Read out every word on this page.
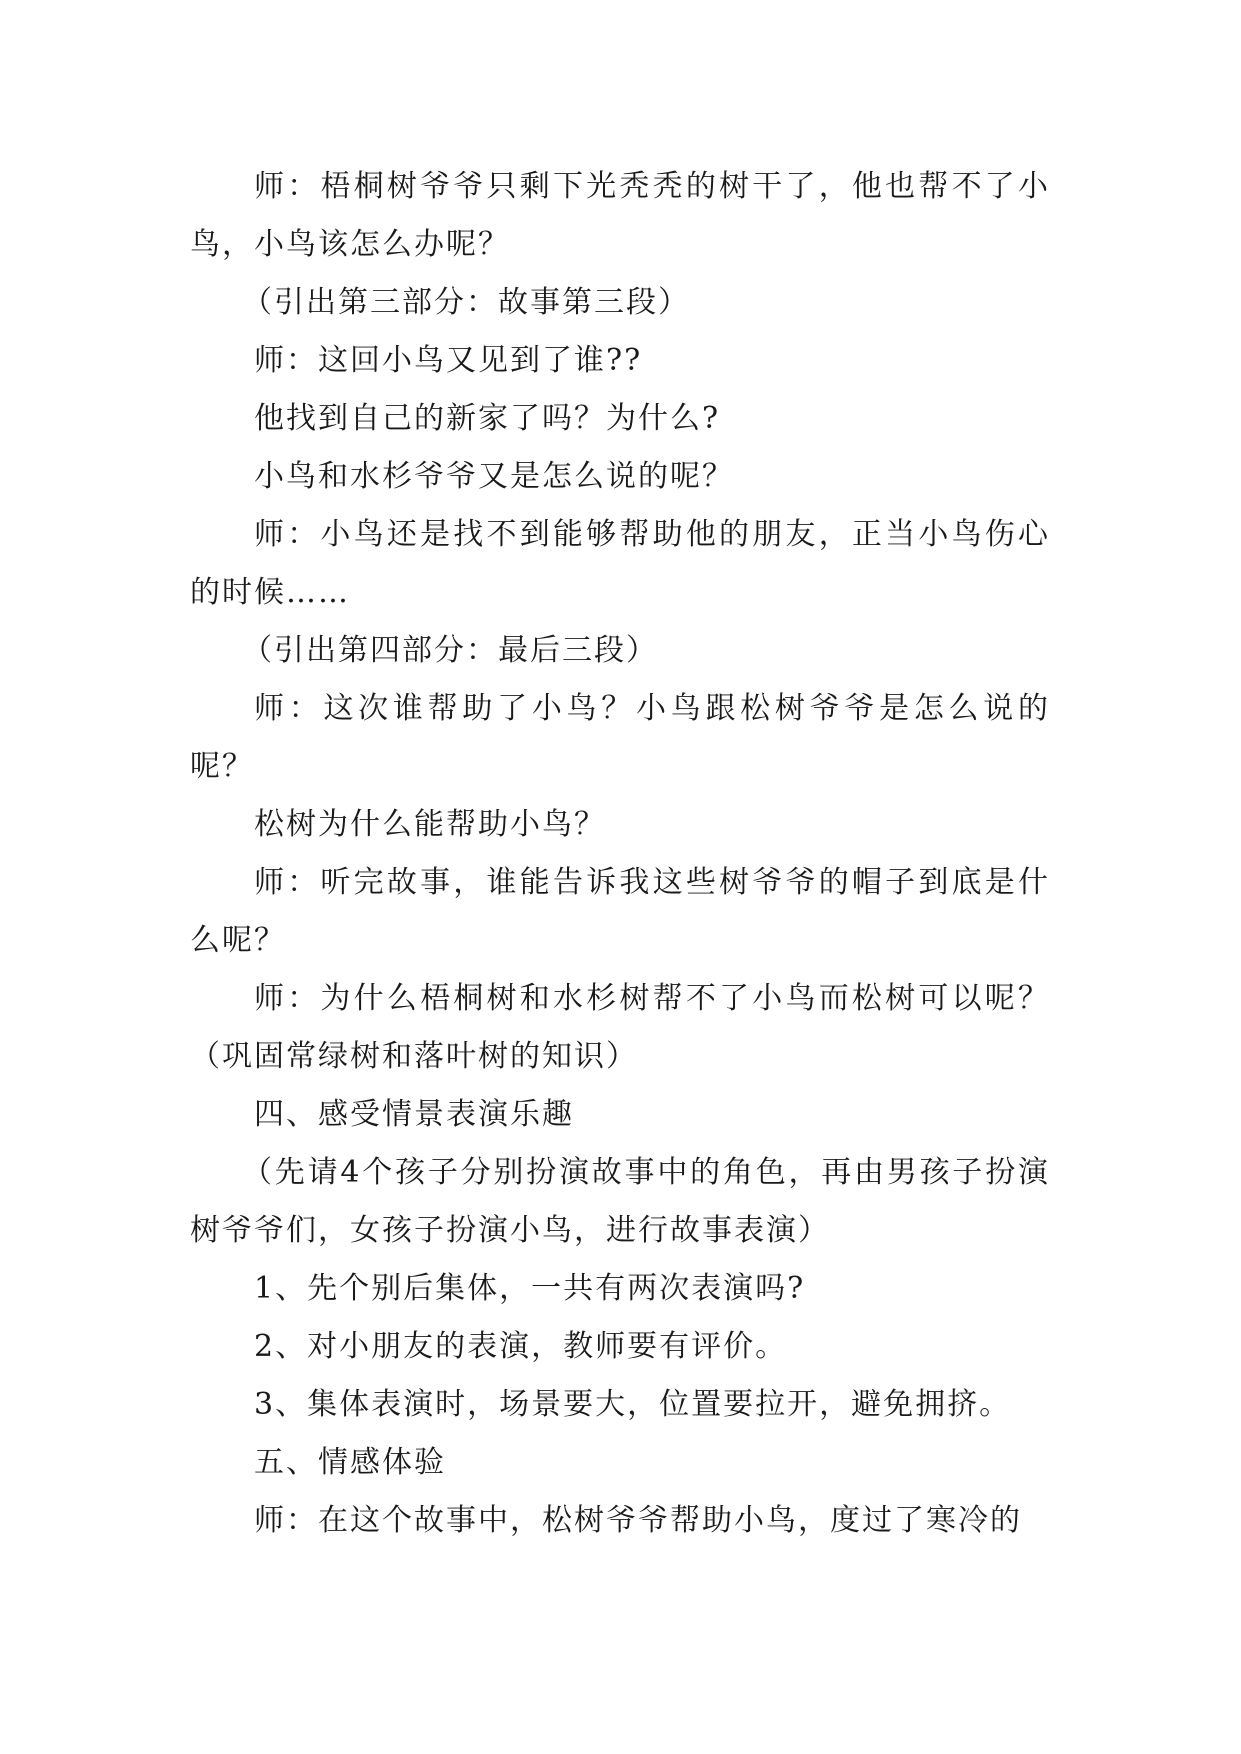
师：梧桐树爷爷只剩下光秃秃的树干了，他也帮不了小鸟，小鸟该怎么办呢？

（引出第三部分：故事第三段）

师：这回小鸟又见到了谁??

他找到自己的新家了吗？为什么?

小鸟和水杉爷爷又是怎么说的呢？

师：小鸟还是找不到能够帮助他的朋友，正当小鸟伤心的时候……

（引出第四部分：最后三段）

师：这次谁帮助了小鸟？小鸟跟松树爷爷是怎么说的呢？

松树为什么能帮助小鸟？

师：听完故事，谁能告诉我这些树爷爷的帽子到底是什么呢？

师：为什么梧桐树和水杉树帮不了小鸟而松树可以呢？（巩固常绿树和落叶树的知识）

四、感受情景表演乐趣

（先请4个孩子分别扮演故事中的角色，再由男孩子扮演树爷爷们，女孩子扮演小鸟，进行故事表演）

1、先个别后集体，一共有两次表演吗?

2、对小朋友的表演，教师要有评价。

3、集体表演时，场景要大，位置要拉开，避免拥挤。

五、情感体验

师：在这个故事中，松树爷爷帮助小鸟，度过了寒冷的
